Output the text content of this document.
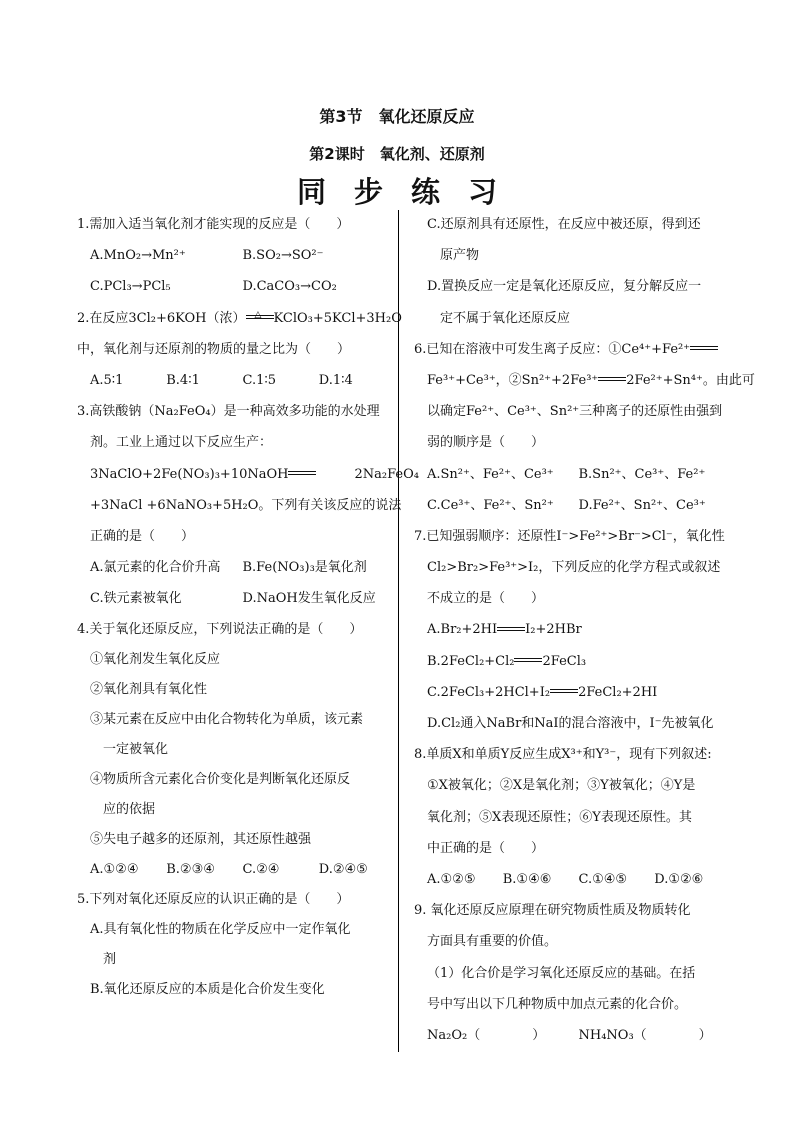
第3节　氧化还原反应
第2课时　氧化剂、还原剂
同步练习
1.需加入适当氧化剂才能实现的反应是（　　）
A.MnO₂→Mn²⁺	B.SO₂→SO²⁻
C.PCl₃→PCl₅	D.CaCO₃→CO₂
2.在反应3Cl₂+6KOH（浓） △ KClO₃+5KCl+3H₂O
中，氧化剂与还原剂的物质的量之比为（　　）
A.5∶1	B.4∶1	C.1∶5	D.1∶4
3.高铁酸钠（Na₂FeO₄）是一种高效多功能的水处理
剂。工业上通过以下反应生产：
3NaClO+2Fe(NO₃)₃+10NaOH	2Na₂FeO₄
+3NaCl +6NaNO₃+5H₂O。下列有关该反应的说法
正确的是（　　）
A.氯元素的化合价升高	B.Fe(NO₃)₃是氧化剂
C.铁元素被氧化	D.NaOH发生氧化反应
4.关于氧化还原反应，下列说法正确的是（　　）
①氧化剂发生氧化反应
②氧化剂具有氧化性
③某元素在反应中由化合物转化为单质，该元素
一定被氧化
④物质所含元素化合价变化是判断氧化还原反
应的依据
⑤失电子越多的还原剂，其还原性越强
A.①②④	B.②③④	C.②④	D.②④⑤
5.下列对氧化还原反应的认识正确的是（　　）
A.具有氧化性的物质在化学反应中一定作氧化
剂
B.氧化还原反应的本质是化合价发生变化
C.还原剂具有还原性，在反应中被还原，得到还
原产物
D.置换反应一定是氧化还原反应，复分解反应一
定不属于氧化还原反应
6.已知在溶液中可发生离子反应：①Ce⁴⁺+Fe²⁺
Fe³⁺+Ce³⁺，②Sn²⁺+2Fe³⁺ 2Fe²⁺+Sn⁴⁺。由此可
以确定Fe²⁺、Ce³⁺、Sn²⁺三种离子的还原性由强到
弱的顺序是（　　）
A.Sn²⁺、Fe²⁺、Ce³⁺	B.Sn²⁺、Ce³⁺、Fe²⁺
C.Ce³⁺、Fe²⁺、Sn²⁺	D.Fe²⁺、Sn²⁺、Ce³⁺
7.已知强弱顺序：还原性I⁻>Fe²⁺>Br⁻>Cl⁻，氧化性
Cl₂>Br₂>Fe³⁺>I₂，下列反应的化学方程式或叙述
不成立的是（　　）
A.Br₂+2HI I₂+2HBr
B.2FeCl₂+Cl₂ 2FeCl₃
C.2FeCl₃+2HCl+I₂ 2FeCl₂+2HI
D.Cl₂通入NaBr和NaI的混合溶液中，I⁻先被氧化
8.单质X和单质Y反应生成X³⁺和Y³⁻，现有下列叙述:
①X被氧化；②X是氧化剂；③Y被氧化；④Y是
氧化剂；⑤X表现还原性；⑥Y表现还原性。其
中正确的是（　　）
A.①②⑤	B.①④⑥	C.①④⑤	D.①②⑥
9. 氧化还原反应原理在研究物质性质及物质转化
方面具有重要的价值。
（1）化合价是学习氧化还原反应的基础。在括
号中写出以下几种物质中加点元素的化合价。
Na₂O₂（　　　　）	NH₄NO₃（　　　　）
